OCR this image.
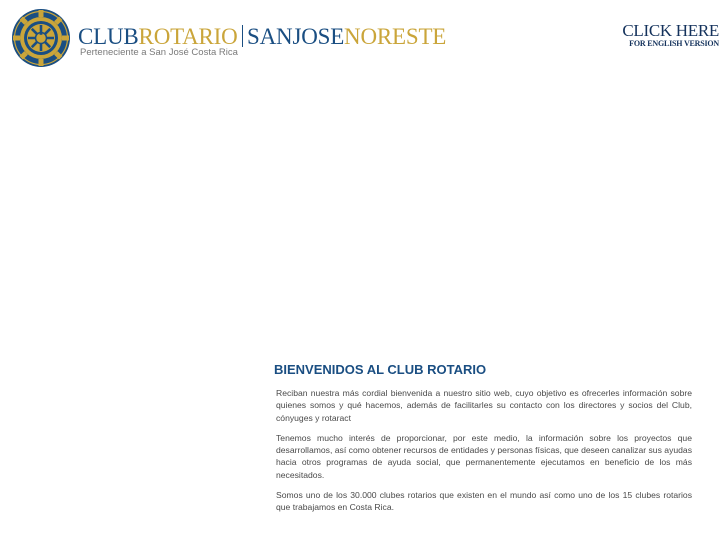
CLUBROTARIO SANJOSENORESTE
Perteneciente a San José Costa Rica
CLICK HERE
FOR ENGLISH VERSION
BIENVENIDOS AL CLUB ROTARIO

Reciban nuestra más cordial bienvenida a nuestro sitio web, cuyo objetivo es ofrecerles información sobre quienes somos y qué hacemos, además de facilitarles su contacto con los directores y socios del Club, cónyuges y rotaract

Tenemos mucho interés de proporcionar, por este medio, la información sobre los proyectos que desarrollamos, así como obtener recursos de entidades y personas físicas, que deseen canalizar sus ayudas hacia otros programas de ayuda social, que permanentemente ejecutamos en beneficio de los más necesitados.

Somos uno de los 30.000 clubes rotarios que existen en el mundo así como uno de los 15 clubes rotarios que trabajamos en Costa Rica.
